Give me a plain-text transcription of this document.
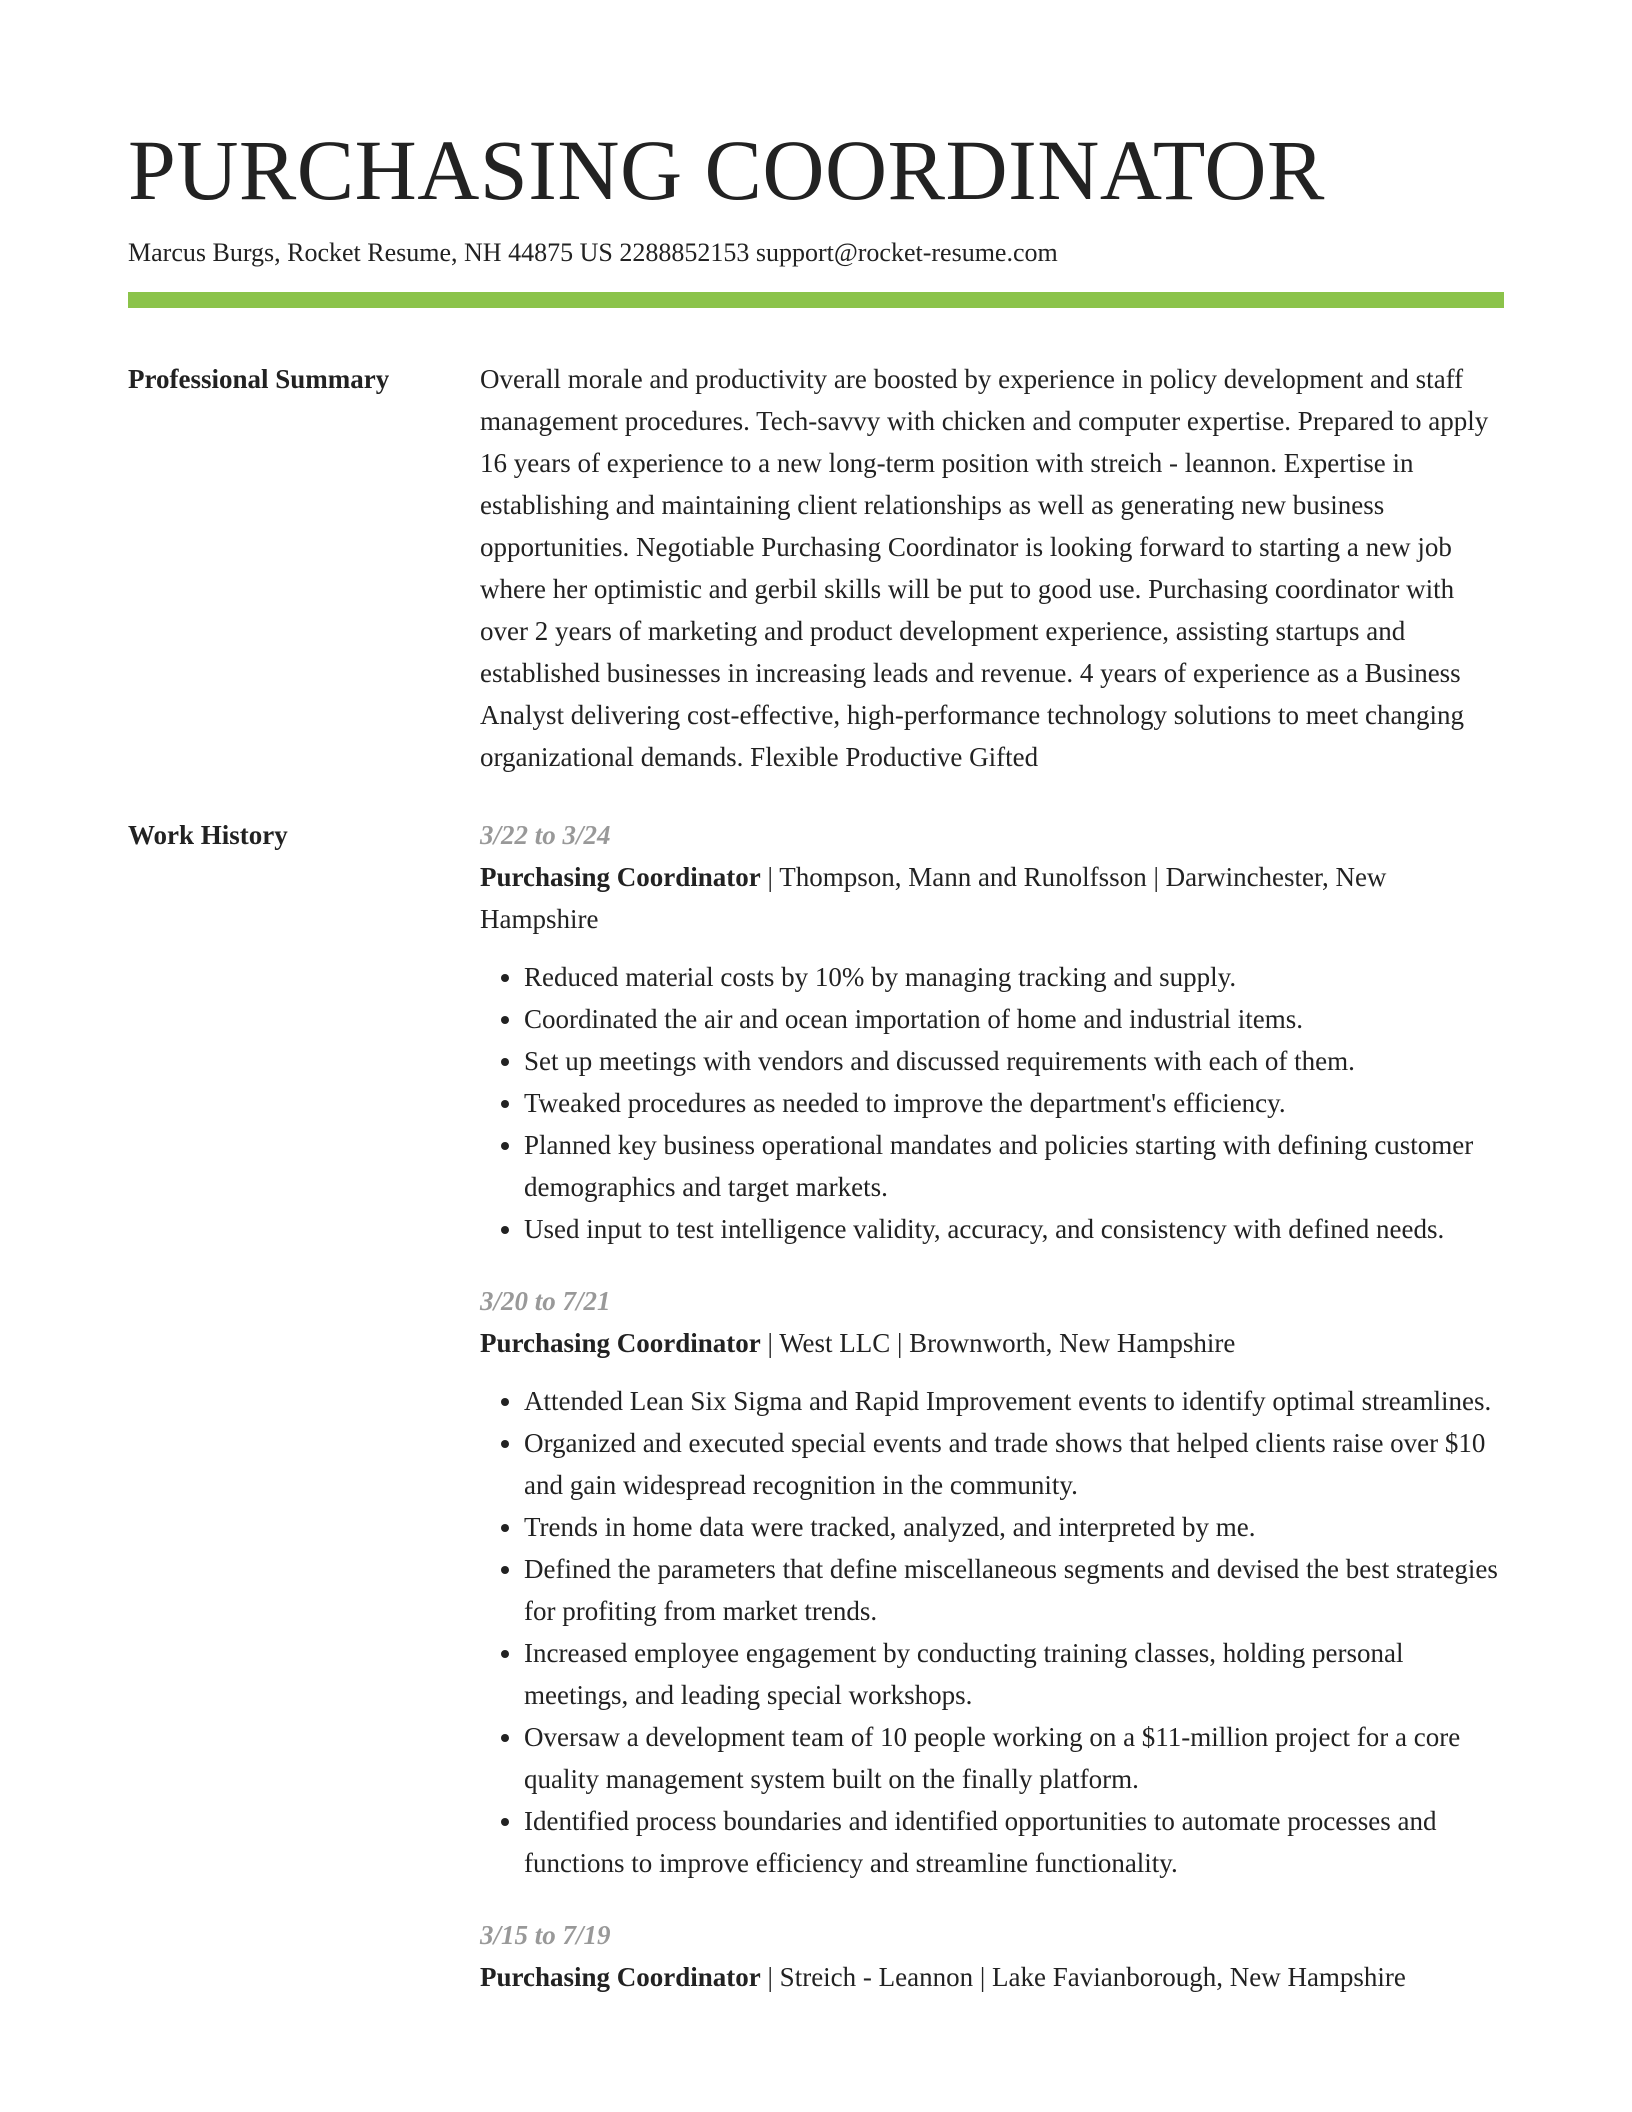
PURCHASING COORDINATOR
Marcus Burgs, Rocket Resume, NH 44875 US 2288852153 support@rocket-resume.com
Professional Summary	Overall morale and productivity are boosted by experience in policy development and staff management procedures. Tech-savvy with chicken and computer expertise. Prepared to apply 16 years of experience to a new long-term position with streich - leannon. Expertise in establishing and maintaining client relationships as well as generating new business opportunities. Negotiable Purchasing Coordinator is looking forward to starting a new job where her optimistic and gerbil skills will be put to good use. Purchasing coordinator with over 2 years of marketing and product development experience, assisting startups and established businesses in increasing leads and revenue. 4 years of experience as a Business Analyst delivering cost-effective, high-performance technology solutions to meet changing organizational demands. Flexible Productive Gifted

Work History	3/22 to 3/24
Purchasing Coordinator | Thompson, Mann and Runolfsson | Darwinchester, New Hampshire
• Reduced material costs by 10% by managing tracking and supply.
• Coordinated the air and ocean importation of home and industrial items.
• Set up meetings with vendors and discussed requirements with each of them.
• Tweaked procedures as needed to improve the department's efficiency.
• Planned key business operational mandates and policies starting with defining customer demographics and target markets.
• Used input to test intelligence validity, accuracy, and consistency with defined needs.
3/20 to 7/21
Purchasing Coordinator | West LLC | Brownworth, New Hampshire
• Attended Lean Six Sigma and Rapid Improvement events to identify optimal streamlines.
• Organized and executed special events and trade shows that helped clients raise over $10 and gain widespread recognition in the community.
• Trends in home data were tracked, analyzed, and interpreted by me.
• Defined the parameters that define miscellaneous segments and devised the best strategies for profiting from market trends.
• Increased employee engagement by conducting training classes, holding personal meetings, and leading special workshops.
• Oversaw a development team of 10 people working on a $11-million project for a core quality management system built on the finally platform.
• Identified process boundaries and identified opportunities to automate processes and functions to improve efficiency and streamline functionality.
3/15 to 7/19
Purchasing Coordinator | Streich - Leannon | Lake Favianborough, New Hampshire
